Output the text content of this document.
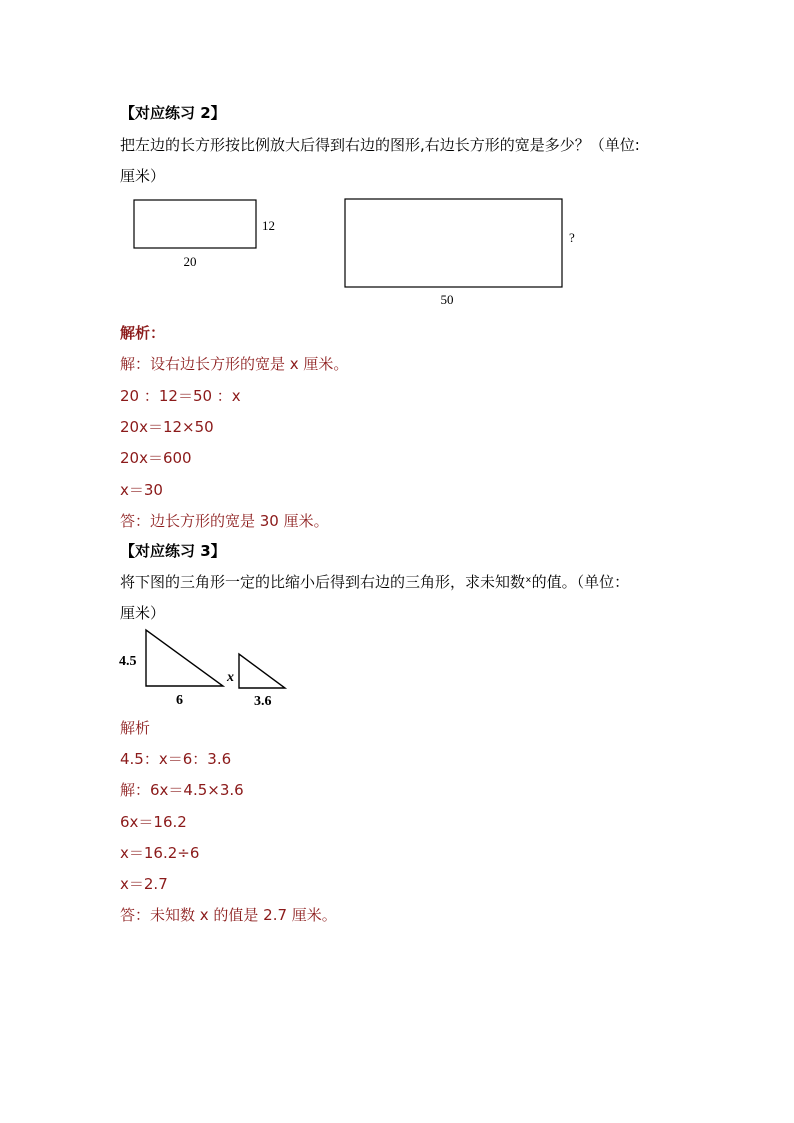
【对应练习 2】
把左边的长方形按比例放大后得到右边的图形,右边长方形的宽是多少？（单位:
厘米）
20
12
50
?
解析：
解：设右边长方形的宽是 x 厘米。
20 ：12＝50 ：x
20x＝12×50
20x＝600
x＝30
答：边长方形的宽是 30 厘米。
【对应练习 3】
将下图的三角形一定的比缩小后得到右边的三角形，求未知数ˣ的值。（单位：
厘米）
4.5
6
x
3.6
解析
4.5：x＝6：3.6
解：6x＝4.5×3.6
6x＝16.2
x＝16.2÷6
x＝2.7
答：未知数 x 的值是 2.7 厘米。
